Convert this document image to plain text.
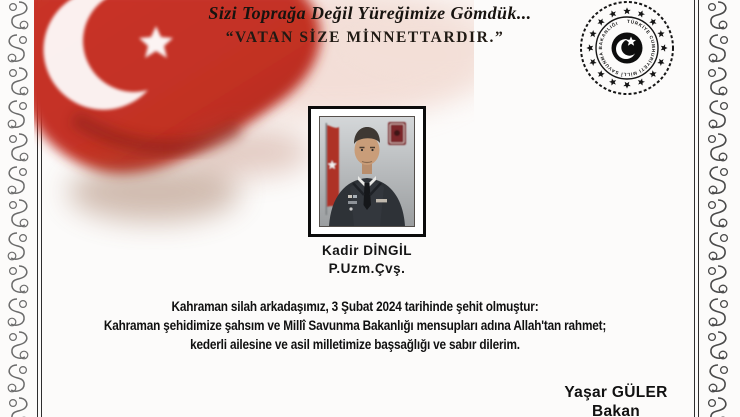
Sizi Toprağa Değil Yüreğimize Gömdük...
“VATAN SİZE MİNNETTARDIR.”
TÜRKİYE CUMHURİYETİ MİLLÎ SAVUNMA BAKANLIĞI
Kadir DİNGİL
P.Uzm.Çvş.
Kahraman silah arkadaşımız, 3 Şubat 2024 tarihinde şehit olmuştur:
Kahraman şehidimize şahsım ve Millî Savunma Bakanlığı mensupları adına Allah'tan rahmet;
kederli ailesine ve asil milletimize başsağlığı ve sabır dilerim.
Yaşar GÜLER
Bakan
